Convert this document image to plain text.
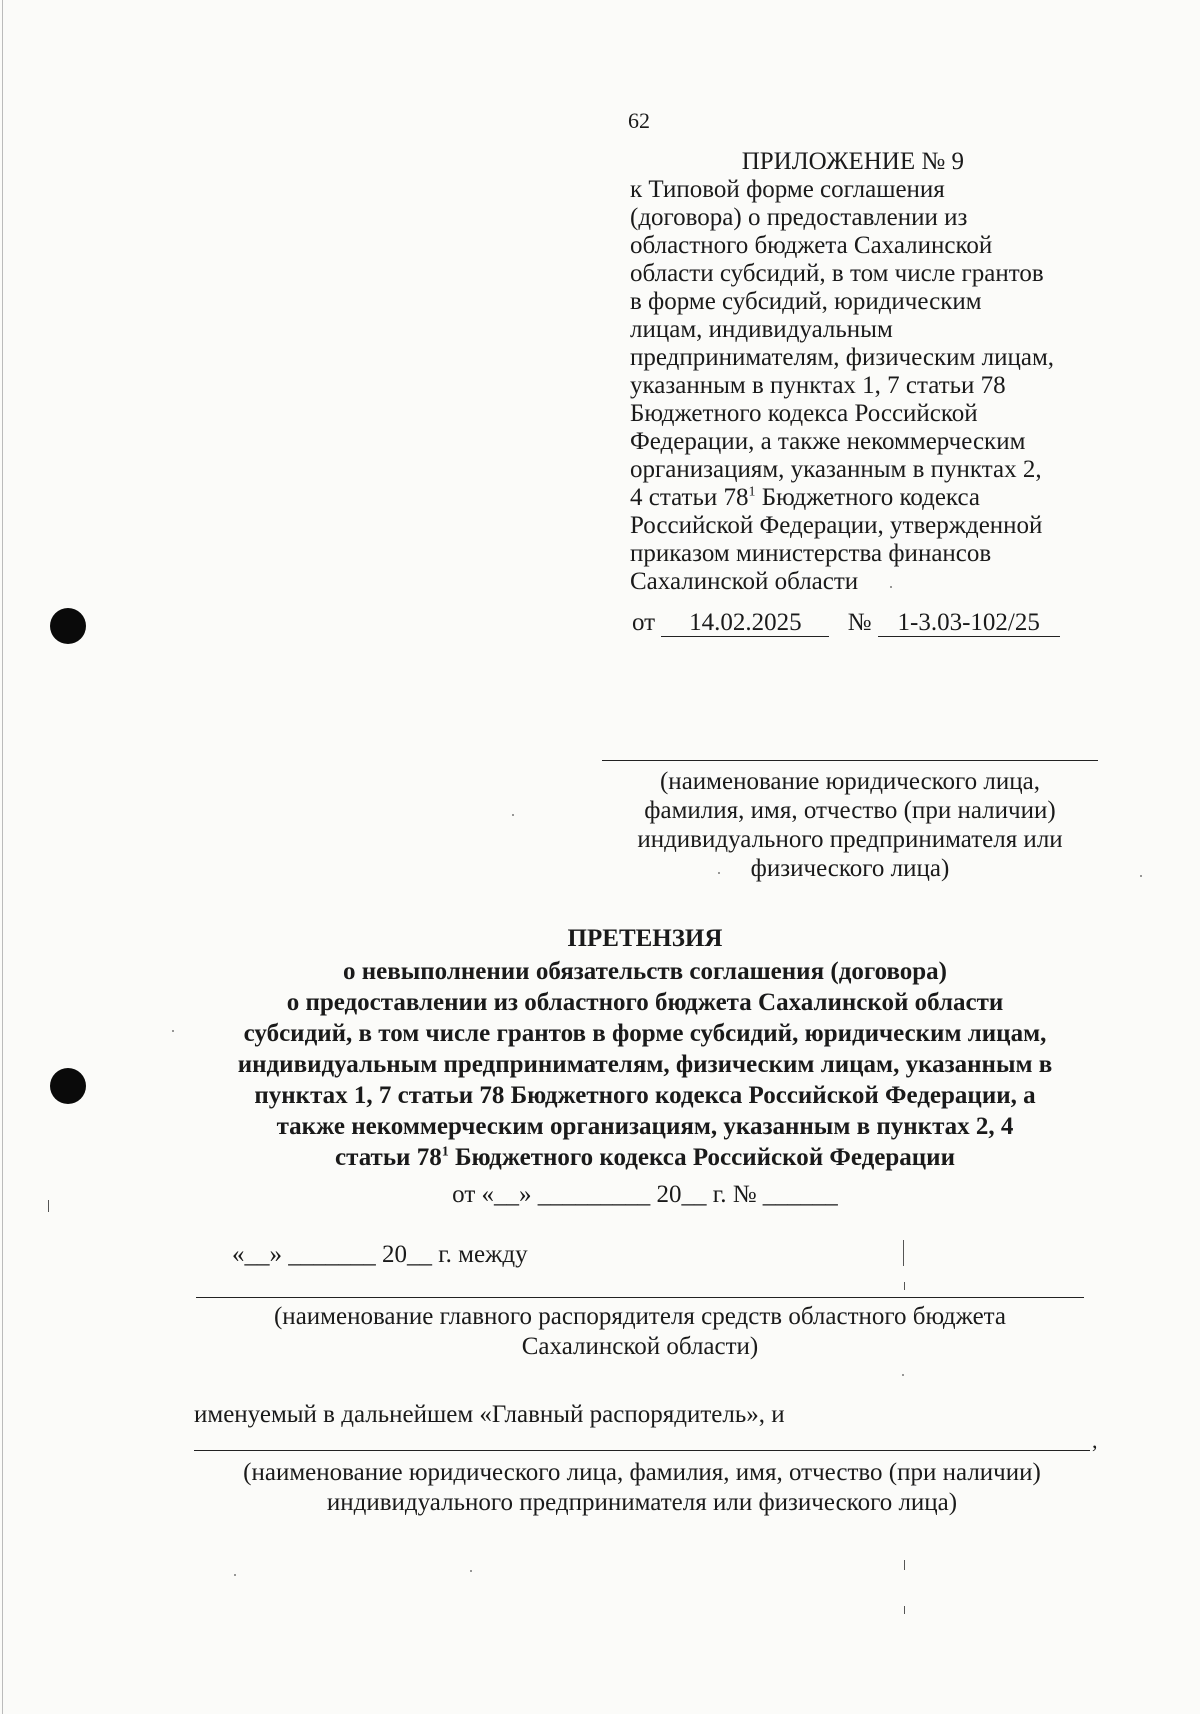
62
ПРИЛОЖЕНИЕ № 9
к Типовой форме соглашения
(договора) о предоставлении из
областного бюджета Сахалинской
области субсидий, в том числе грантов
в форме субсидий, юридическим
лицам, индивидуальным
предпринимателям, физическим лицам,
указанным в пунктах 1, 7 статьи 78
Бюджетного кодекса Российской
Федерации, а также некоммерческим
организациям, указанным в пунктах 2,
4 статьи $78^1$ Бюджетного кодекса
Российской Федерации, утвержденной
приказом министерства финансов
Сахалинской области
от 14.02.2025 № 1-3.03-102/25
(наименование юридического лица,
фамилия, имя, отчество (при наличии)
индивидуального предпринимателя или
физического лица)
ПРЕТЕНЗИЯ
о невыполнении обязательств соглашения (договора)
о предоставлении из областного бюджета Сахалинской области
субсидий, в том числе грантов в форме субсидий, юридическим лицам,
индивидуальным предпринимателям, физическим лицам, указанным в
пунктах 1, 7 статьи 78 Бюджетного кодекса Российской Федерации, а
также некоммерческим организациям, указанным в пунктах 2, 4
статьи $78^1$ Бюджетного кодекса Российской Федерации
от «__» _________ 20__ г. № ______
«__» _______ 20__ г. между
(наименование главного распорядителя средств областного бюджета
Сахалинской области)
именуемый в дальнейшем «Главный распорядитель», и
,
(наименование юридического лица, фамилия, имя, отчество (при наличии)
индивидуального предпринимателя или физического лица)
